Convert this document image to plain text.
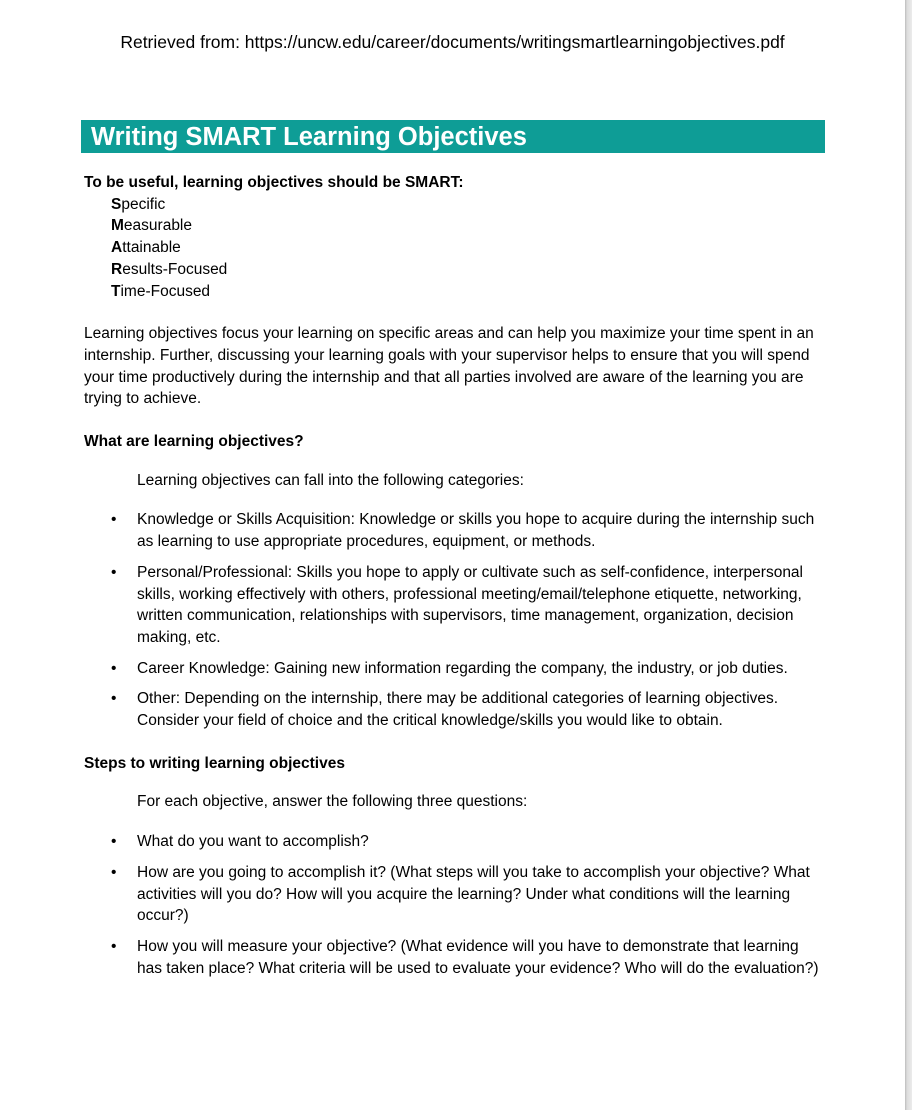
Retrieved from: https://uncw.edu/career/documents/writingsmartlearningobjectives.pdf
Writing SMART Learning Objectives

To be useful, learning objectives should be SMART:

Specific
Measurable
Attainable
Results-Focused
Time-Focused

Learning objectives focus your learning on specific areas and can help you maximize your time spent in an internship. Further, discussing your learning goals with your supervisor helps to ensure that you will spend your time productively during the internship and that all parties involved are aware of the learning you are trying to achieve.

What are learning objectives?

Learning objectives can fall into the following categories:

• Knowledge or Skills Acquisition: Knowledge or skills you hope to acquire during the internship such as learning to use appropriate procedures, equipment, or methods.
• Personal/Professional: Skills you hope to apply or cultivate such as self-confidence, interpersonal skills, working effectively with others, professional meeting/email/telephone etiquette, networking, written communication, relationships with supervisors, time management, organization, decision making, etc.
• Career Knowledge: Gaining new information regarding the company, the industry, or job duties.
• Other: Depending on the internship, there may be additional categories of learning objectives. Consider your field of choice and the critical knowledge/skills you would like to obtain.

Steps to writing learning objectives

For each objective, answer the following three questions:

• What do you want to accomplish?
• How are you going to accomplish it? (What steps will you take to accomplish your objective? What activities will you do? How will you acquire the learning? Under what conditions will the learning occur?)
• How you will measure your objective? (What evidence will you have to demonstrate that learning has taken place? What criteria will be used to evaluate your evidence? Who will do the evaluation?)
